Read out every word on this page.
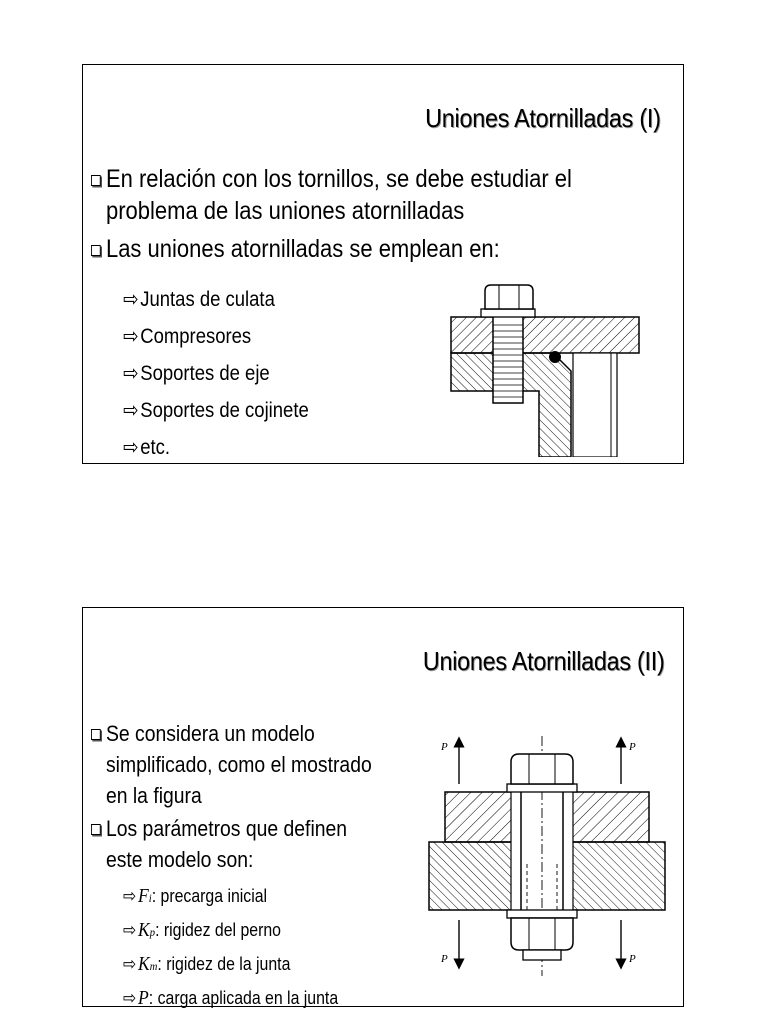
Uniones Atornilladas (I)
En relación con los tornillos, se debe estudiar el problema de las uniones atornilladas
Las uniones atornilladas se emplean en:
⇨ Juntas de culata
⇨ Compresores
⇨ Soportes de eje
⇨ Soportes de cojinete
⇨ etc.
Uniones Atornilladas (II)
Se considera un modelo simplificado, como el mostrado en la figura
Los parámetros que definen este modelo son:
⇨ F i : precarga inicial
⇨ K p : rigidez del perno
⇨ K m : rigidez de la junta
⇨ P : carga aplicada en la junta
P	P
P	P
